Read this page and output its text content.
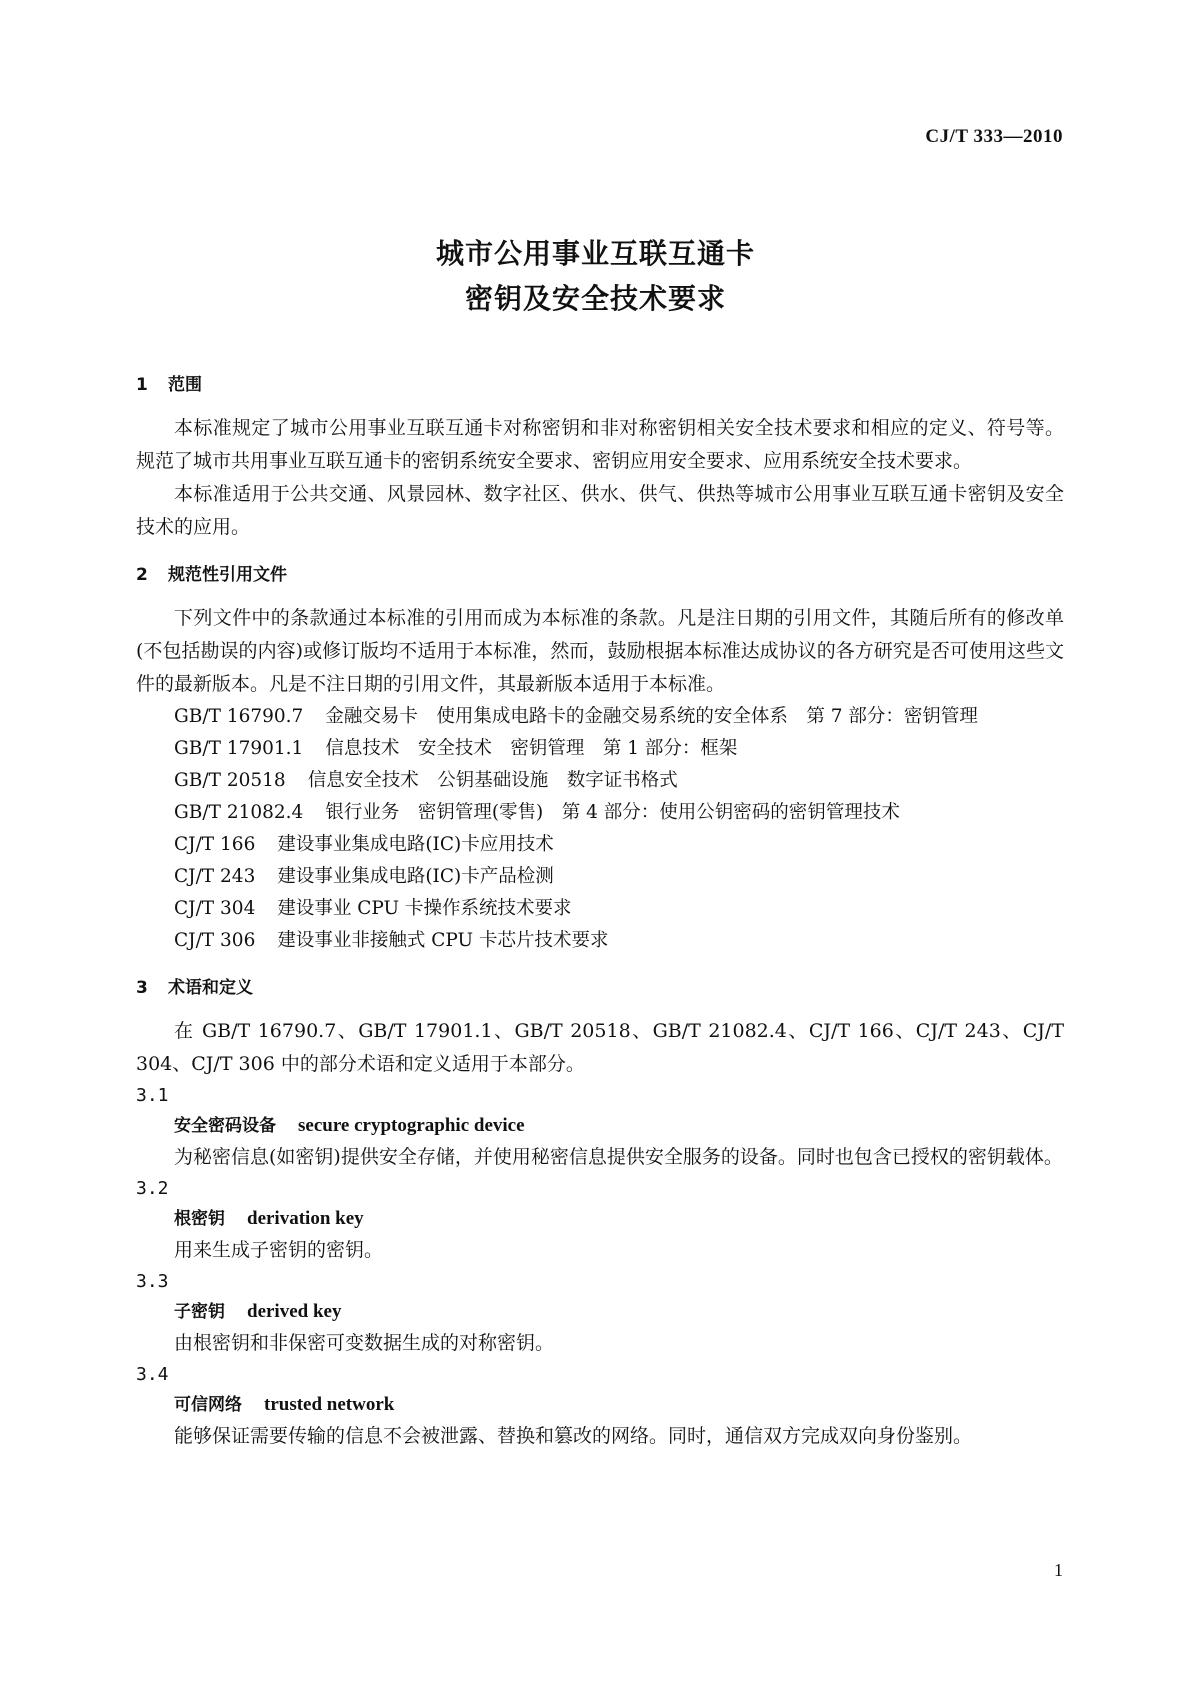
CJ/T 333—2010
城市公用事业互联互通卡
密钥及安全技术要求
1 范围

本标准规定了城市公用事业互联互通卡对称密钥和非对称密钥相关安全技术要求和相应的定义、符号等。规范了城市共用事业互联互通卡的密钥系统安全要求、密钥应用安全要求、应用系统安全技术要求。

本标准适用于公共交通、风景园林、数字社区、供水、供气、供热等城市公用事业互联互通卡密钥及安全技术的应用。

2 规范性引用文件

下列文件中的条款通过本标准的引用而成为本标准的条款。凡是注日期的引用文件，其随后所有的修改单(不包括勘误的内容)或修订版均不适用于本标准，然而，鼓励根据本标准达成协议的各方研究是否可使用这些文件的最新版本。凡是不注日期的引用文件，其最新版本适用于本标准。

GB/T 16790.7 金融交易卡　使用集成电路卡的金融交易系统的安全体系　第 7 部分：密钥管理
GB/T 17901.1 信息技术　安全技术　密钥管理　第 1 部分：框架
GB/T 20518 信息安全技术　公钥基础设施　数字证书格式
GB/T 21082.4 银行业务　密钥管理(零售)　第 4 部分：使用公钥密码的密钥管理技术
CJ/T 166 建设事业集成电路(IC)卡应用技术
CJ/T 243 建设事业集成电路(IC)卡产品检测
CJ/T 304 建设事业 CPU 卡操作系统技术要求
CJ/T 306 建设事业非接触式 CPU 卡芯片技术要求
3 术语和定义

在 GB/T 16790.7、GB/T 17901.1、GB/T 20518、GB/T 21082.4、CJ/T 166、CJ/T 243、CJ/T 304、CJ/T 306 中的部分术语和定义适用于本部分。

3.1
安全密码设备 secure cryptographic device

为秘密信息(如密钥)提供安全存储，并使用秘密信息提供安全服务的设备。同时也包含已授权的密钥载体。

3.2
根密钥 derivation key

用来生成子密钥的密钥。

3.3
子密钥 derived key

由根密钥和非保密可变数据生成的对称密钥。

3.4
可信网络 trusted network

能够保证需要传输的信息不会被泄露、替换和篡改的网络。同时，通信双方完成双向身份鉴别。

1
